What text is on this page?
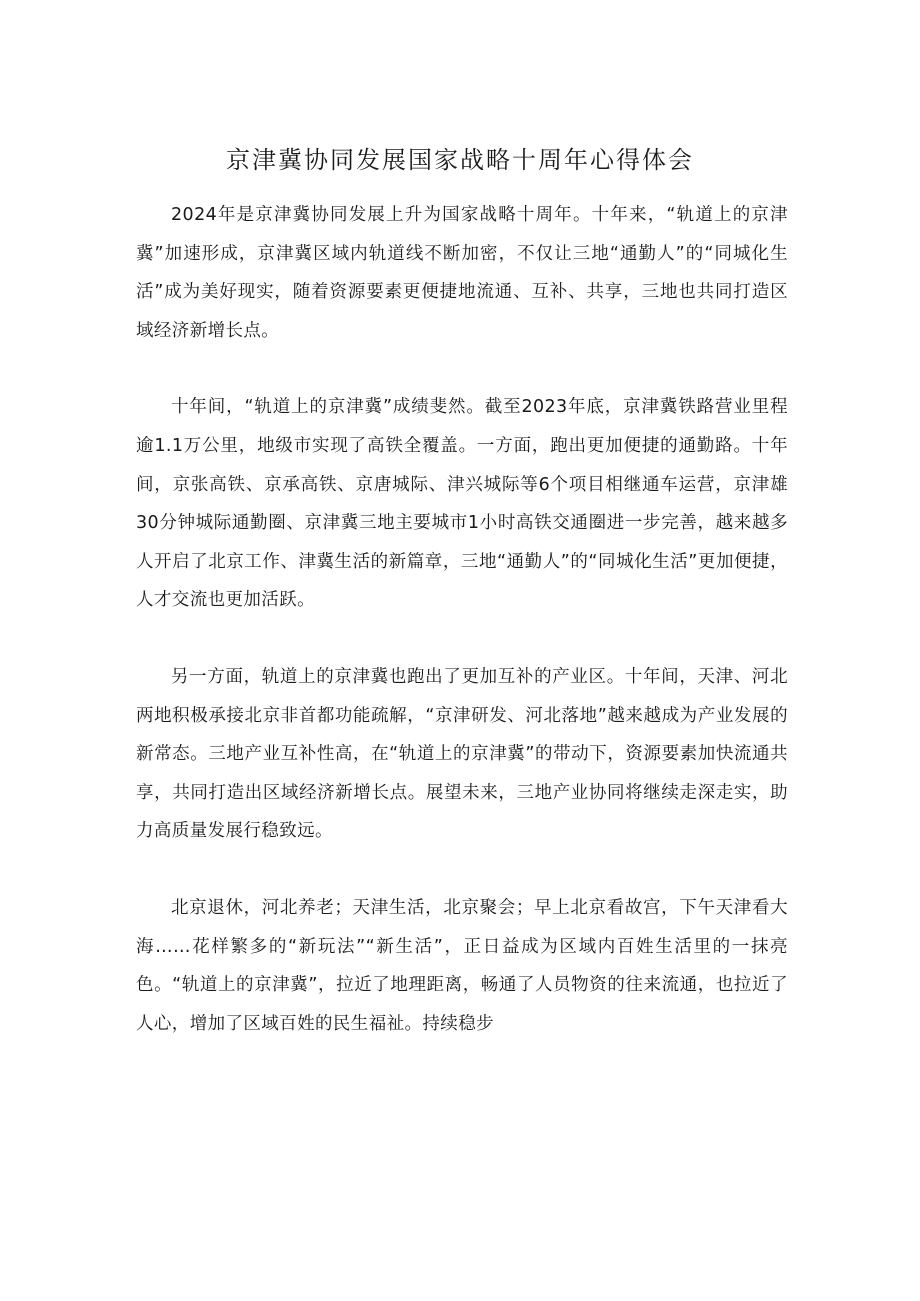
京津冀协同发展国家战略十周年心得体会

2024年是京津冀协同发展上升为国家战略十周年。十年来，“轨道上的京津冀”加速形成，京津冀区域内轨道线不断加密，不仅让三地“通勤人”的“同城化生活”成为美好现实，随着资源要素更便捷地流通、互补、共享，三地也共同打造区域经济新增长点。

十年间，“轨道上的京津冀”成绩斐然。截至2023年底，京津冀铁路营业里程逾1.1万公里，地级市实现了高铁全覆盖。一方面，跑出更加便捷的通勤路。十年间，京张高铁、京承高铁、京唐城际、津兴城际等6个项目相继通车运营，京津雄30分钟城际通勤圈、京津冀三地主要城市1小时高铁交通圈进一步完善，越来越多人开启了北京工作、津冀生活的新篇章，三地“通勤人”的“同城化生活”更加便捷，人才交流也更加活跃。

另一方面，轨道上的京津冀也跑出了更加互补的产业区。十年间，天津、河北两地积极承接北京非首都功能疏解，“京津研发、河北落地”越来越成为产业发展的新常态。三地产业互补性高，在“轨道上的京津冀”的带动下，资源要素加快流通共享，共同打造出区域经济新增长点。展望未来，三地产业协同将继续走深走实，助力高质量发展行稳致远。

北京退休，河北养老；天津生活，北京聚会；早上北京看故宫，下午天津看大海……花样繁多的“新玩法”“新生活”，正日益成为区域内百姓生活里的一抹亮色。“轨道上的京津冀”，拉近了地理距离，畅通了人员物资的往来流通，也拉近了人心，增加了区域百姓的民生福祉。持续稳步
